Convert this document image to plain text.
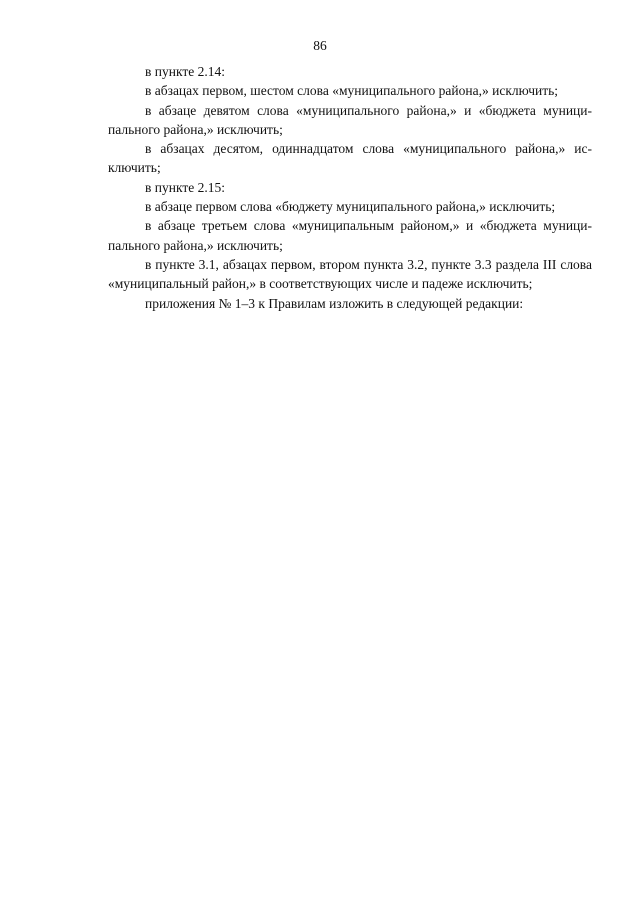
86

в пункте 2.14:

в абзацах первом, шестом слова «муниципального района,» исключить;

в абзаце девятом слова «муниципального района,» и «бюджета муниципального района,» исключить;

в абзацах десятом, одиннадцатом слова «муниципального района,» исключить;

в пункте 2.15:

в абзаце первом слова «бюджету муниципального района,» исключить;

в абзаце третьем слова «муниципальным районом,» и «бюджета муниципального района,» исключить;

в пункте 3.1, абзацах первом, втором пункта 3.2, пункте 3.3 раздела III слова «муниципальный район,» в соответствующих числе и падеже исключить;

приложения № 1–3 к Правилам изложить в следующей редакции:
